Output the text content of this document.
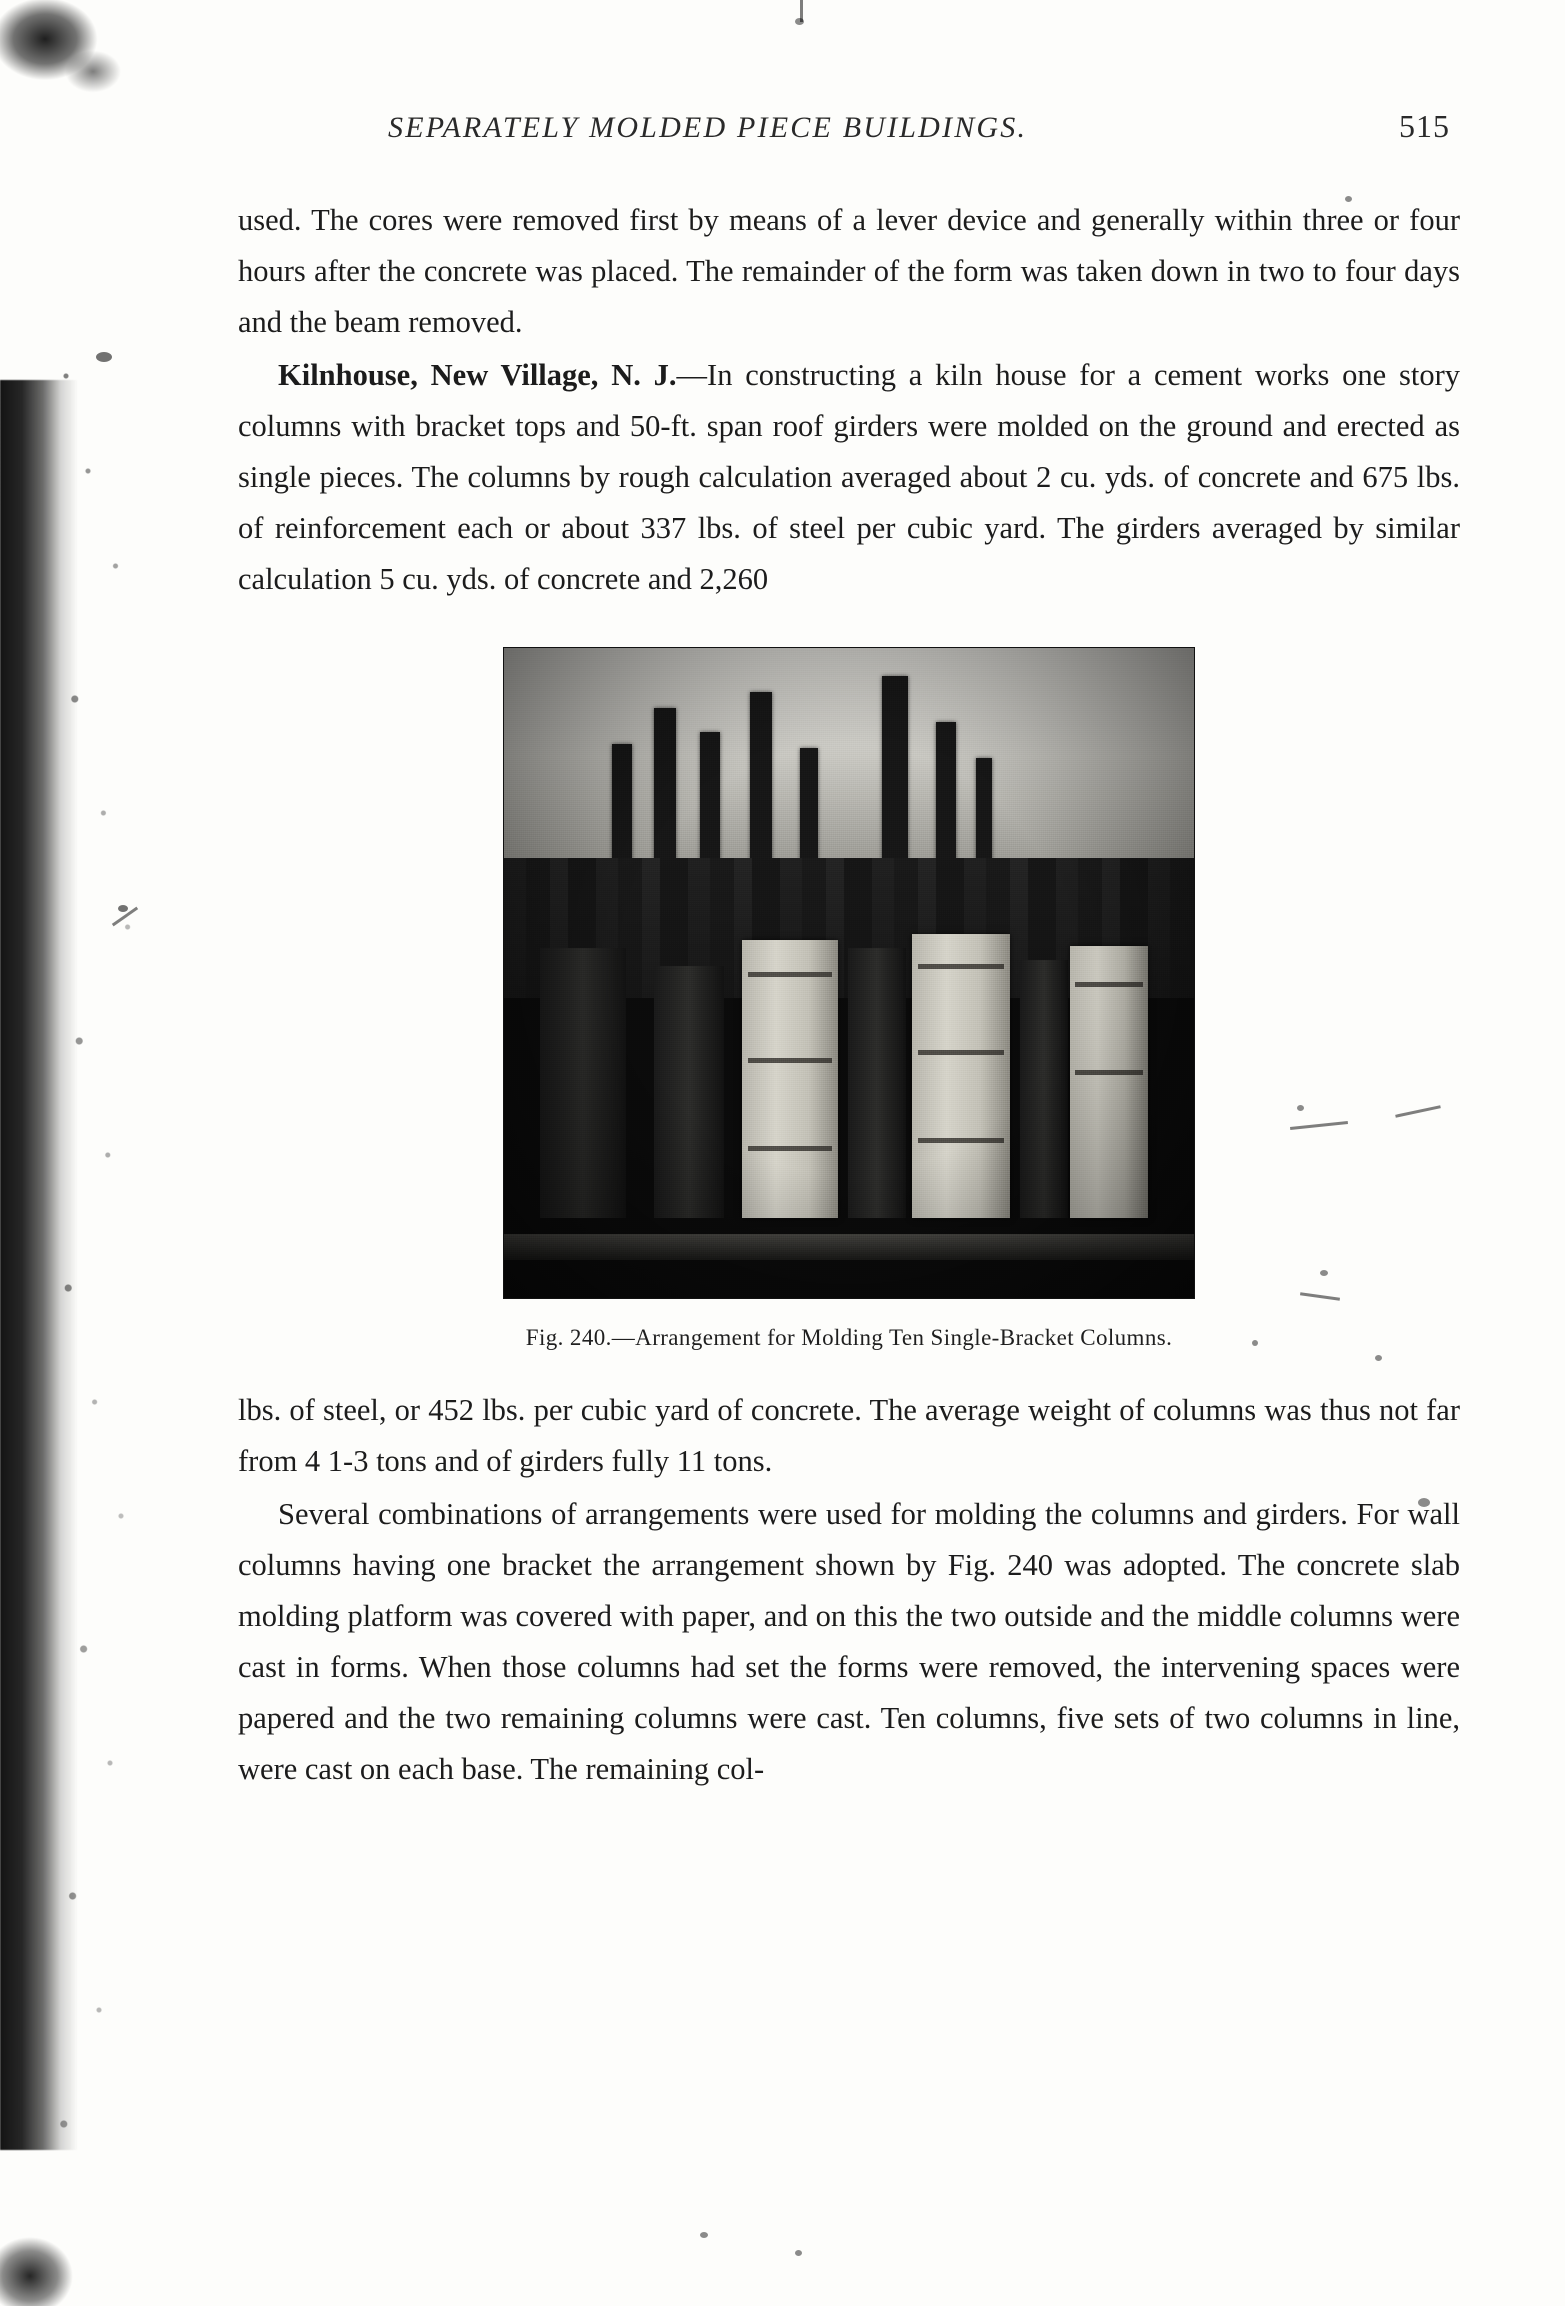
SEPARATELY MOLDED PIECE BUILDINGS.	515

used. The cores were removed first by means of a lever device and generally within three or four hours after the concrete was placed. The remainder of the form was taken down in two to four days and the beam removed.

Kilnhouse, New Village, N. J.—In constructing a kiln house for a cement works one story columns with bracket tops and 50-ft. span roof girders were molded on the ground and erected as single pieces. The columns by rough calculation averaged about 2 cu. yds. of concrete and 675 lbs. of reinforcement each or about 337 lbs. of steel per cubic yard. The girders averaged by similar calculation 5 cu. yds. of concrete and 2,260

Fig. 240.—Arrangement for Molding Ten Single-Bracket Columns.

lbs. of steel, or 452 lbs. per cubic yard of concrete. The average weight of columns was thus not far from 4 1-3 tons and of girders fully 11 tons.

Several combinations of arrangements were used for molding the columns and girders. For wall columns having one bracket the arrangement shown by Fig. 240 was adopted. The concrete slab molding platform was covered with paper, and on this the two outside and the middle columns were cast in forms. When those columns had set the forms were removed, the intervening spaces were papered and the two remaining columns were cast. Ten columns, five sets of two columns in line, were cast on each base. The remaining col-
